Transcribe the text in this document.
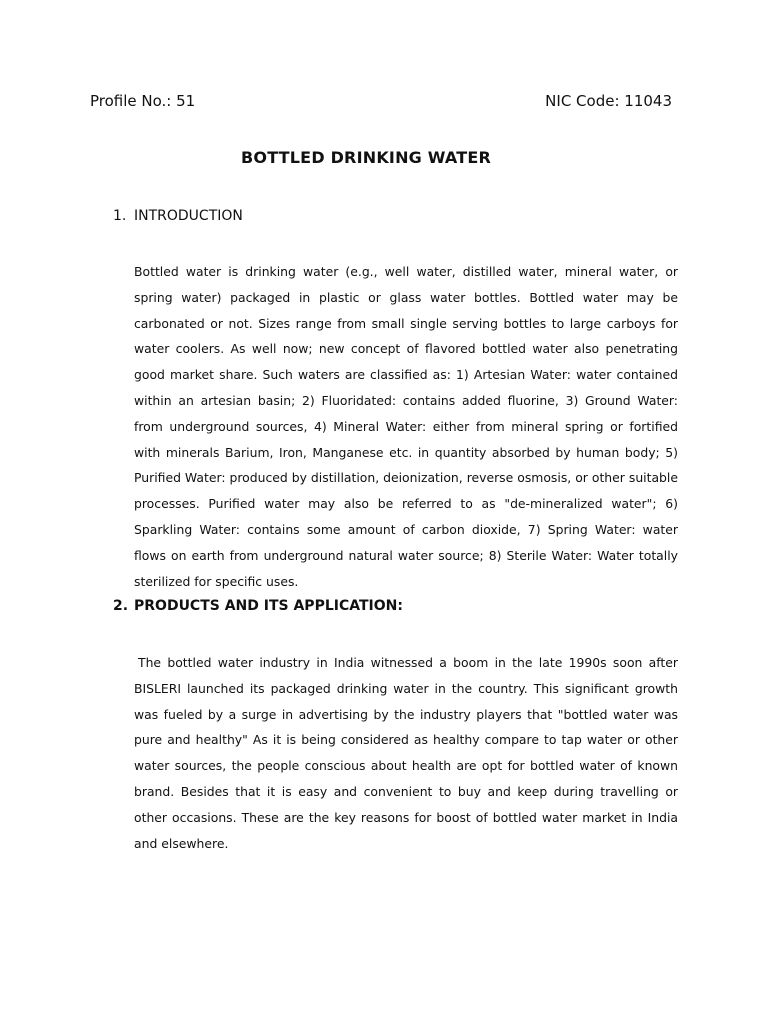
Profile No.: 51	NIC Code: 11043
BOTTLED DRINKING WATER
1. INTRODUCTION

Bottled water is drinking water (e.g., well water, distilled water, mineral water, or spring water) packaged in plastic or glass water bottles. Bottled water may be carbonated or not. Sizes range from small single serving bottles to large carboys for water coolers. As well now; new concept of flavored bottled water also penetrating good market share. Such waters are classified as: 1) Artesian Water: water contained within an artesian basin; 2) Fluoridated: contains added fluorine, 3) Ground Water: from underground sources, 4) Mineral Water: either from mineral spring or fortified with minerals Barium, Iron, Manganese etc. in quantity absorbed by human body; 5) Purified Water: produced by distillation, deionization, reverse osmosis, or other suitable processes. Purified water may also be referred to as "de-mineralized water"; 6) Sparkling Water: contains some amount of carbon dioxide, 7) Spring Water: water flows on earth from underground natural water source; 8) Sterile Water: Water totally sterilized for specific uses.

2. PRODUCTS AND ITS APPLICATION:

The bottled water industry in India witnessed a boom in the late 1990s soon after BISLERI launched its packaged drinking water in the country. This significant growth was fueled by a surge in advertising by the industry players that "bottled water was pure and healthy" As it is being considered as healthy compare to tap water or other water sources, the people conscious about health are opt for bottled water of known brand. Besides that it is easy and convenient to buy and keep during travelling or other occasions. These are the key reasons for boost of bottled water market in India and elsewhere.
